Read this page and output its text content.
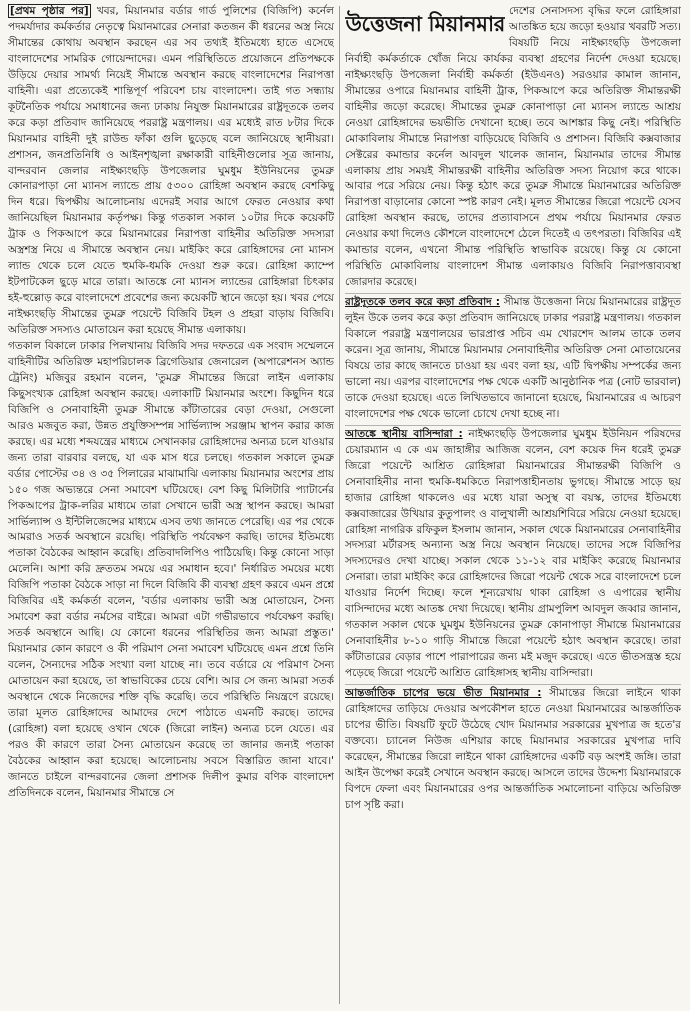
[প্রথম পৃষ্ঠার পর] খবর, মিয়ানমার বর্ডার গার্ড পুলিশের (বিজিপি) কর্নেল পদমর্যাদার কর্মকর্তার নেতৃত্বে মিয়ানমারের সেনারা কতজন কী ধরনের অস্ত্র নিয়ে সীমান্তের কোথায় অবস্থান করছেন এর সব তথ্যই ইতিমধ্যে হাতে এসেছে বাংলাদেশের সামরিক গোয়েন্দাদের। এমন পরিস্থিতিতে প্রয়োজনে প্রতিপক্ষকে উড়িয়ে দেয়ার সামর্থ্য নিয়েই সীমান্তে অবস্থান করছে বাংলাদেশের নিরাপত্তা বাহিনী। এরা প্রত্যেকেই শান্তিপূর্ণ পরিবেশ চায় বাংলাদেশ। তাই গত সন্ধ্যায় কূটনৈতিক পর্যায়ে সমাধানের জন্য ঢাকায় নিযুক্ত মিয়ানমারের রাষ্ট্রদূতকে তলব করে কড়া প্রতিবাদ জানিয়েছে পররাষ্ট্র মন্ত্রণালয়। এর মধ্যেই রাত ৮টার দিকে মিয়ানমার বাহিনী দুই রাউন্ড ফাঁকা গুলি ছুড়েছে বলে জানিয়েছে স্থানীয়রা। প্রশাসন, জনপ্রতিনিধি ও আইনশৃঙ্খলা রক্ষাকারী বাহিনীগুলোর সূত্র জানায়, বান্দরবান জেলার নাইক্ষ্যংছড়ি উপজেলার ঘুমধুম ইউনিয়নের তুমব্রু কোনারপাড়া নো ম্যানস ল্যান্ডে প্রায় ৫৩০০ রোহিঙ্গা অবস্থান করছে বেশকিছু দিন ধরে। দ্বিপক্ষীয় আলোচনায় এদেরই সবার আগে ফেরত নেওয়ার কথা জানিয়েছিল মিয়ানমার কর্তৃপক্ষ। কিন্তু গতকাল সকাল ১০টার দিকে কয়েকটি ট্রাক ও পিকআপে করে মিয়ানমারের নিরাপত্তা বাহিনীর অতিরিক্ত সদস্যরা অস্ত্রশস্ত্র নিয়ে এ সীমান্তে অবস্থান নেয়। মাইকিং করে রোহিঙ্গাদের নো ম্যানস ল্যান্ড থেকে চলে যেতে হুমকি-ধমকি দেওয়া শুরু করে। রোহিঙ্গা ক্যাম্পে ইটপাটকেল ছুড়ে মারে তারা। আতঙ্কে নো ম্যানস ল্যান্ডের রোহিঙ্গারা চিৎকার হই-হুল্লোড় করে বাংলাদেশে প্রবেশের জন্য কয়েকটি স্থানে জড়ো হয়। খবর পেয়ে নাইক্ষ্যংছড়ি সীমান্তের তুমব্রু পয়েন্টে বিজিবি টহল ও প্রহরা বাড়ায় বিজিবি। অতিরিক্ত সদস্যও মোতায়েন করা হয়েছে সীমান্ত এলাকায়।

গতকাল বিকালে ঢাকার পিলখানায় বিজিবি সদর দফতরে এক সংবাদ সম্মেলনে বাহিনীটির অতিরিক্ত মহাপরিচালক ব্রিগেডিয়ার জেনারেল (অপারেশনস অ্যান্ড ট্রেনিং) মজিবুর রহমান বলেন, 'তুমব্রু সীমান্তের জিরো লাইন এলাকায় কিছুসংখ্যক রোহিঙ্গা অবস্থান করছে। এলাকাটি মিয়ানমার অংশে। কিছুদিন ধরে বিজিপি ও সেনাবাহিনী তুমব্রু সীমান্তে কাঁটাতারের বেড়া দেওয়া, সেগুলো আরও মজবুত করা, উন্নত প্রযুক্তিসম্পন্ন সার্ভিল্যান্স সরঞ্জাম স্থাপন করার কাজ করছে। এর মধ্যে শব্দযন্ত্রের মাধ্যমে সেখানকার রোহিঙ্গাদের অন্যত্র চলে যাওয়ার জন্য তারা বারবার বলছে, যা এক মাস ধরে চলছে। গতকাল সকালে তুমব্রু বর্ডার পোস্টের ৩৪ ও ৩৫ পিলারের মাঝামাঝি এলাকায় মিয়ানমার অংশের প্রায় ১৫০ গজ অভ্যন্তরে সেনা সমাবেশ ঘটিয়েছে। বেশ কিছু মিলিটারি প্যাটার্নের পিকআপের ট্রাক-লরির মাধ্যমে তারা সেখানে ভারী অস্ত্র স্থাপন করছে। আমরা সার্ভিল্যান্স ও ইন্টিলিজেন্সের মাধ্যমে এসব তথ্য জানতে পেরেছি। এর পর থেকে আমরাও সতর্ক অবস্থানে রয়েছি। পরিস্থিতি পর্যবেক্ষণ করছি। তাদের ইতিমধ্যে পতাকা বৈঠকের আহ্বান করেছি। প্রতিবাদলিপিও পাঠিয়েছি। কিন্তু কোনো সাড়া মেলেনি। আশা করি দ্রুততম সময়ে এর সমাধান হবে।' নির্ধারিত সময়ের মধ্যে বিজিপি পতাকা বৈঠকে সাড়া না দিলে বিজিবি কী ব্যবস্থা গ্রহণ করবে এমন প্রশ্নে বিজিবির এই কর্মকর্তা বলেন, 'বর্ডার এলাকায় ভারী অস্ত্র মোতায়েন, সৈন্য সমাবেশ করা বর্ডার নর্মসের বাইরে। আমরা এটা গভীরভাবে পর্যবেক্ষণ করছি। সতর্ক অবস্থানে আছি। যে কোনো ধরনের পরিস্থিতির জন্য আমরা প্রস্তুত।' মিয়ানমার কোন কারণে ও কী পরিমাণ সেনা সমাবেশ ঘটিয়েছে এমন প্রশ্নে তিনি বলেন, সৈন্যদের সঠিক সংখ্যা বলা যাচ্ছে না। তবে বর্ডারে যে পরিমাণ সৈন্য মোতায়েন করা হয়েছে, তা স্বাভাবিকের চেয়ে বেশি। আর সে জন্য আমরা সতর্ক অবস্থানে থেকে নিজেদের শক্তি বৃদ্ধি করেছি। তবে পরিস্থিতি নিয়ন্ত্রণে রয়েছে। তারা মূলত রোহিঙ্গাদের আমাদের দেশে পাঠাতে এমনটি করছে। তাদের (রোহিঙ্গা) বলা হয়েছে ওখান থেকে (জিরো লাইন) অন্যত্র চলে যেতে। এর পরও কী কারণে তারা সৈন্য মোতায়েন করেছে তা জানার জন্যই পতাকা বৈঠকের আহ্বান করা হয়েছে। আলোচনায় সবসে বিস্তারিত জানা যাবে।' জানতে চাইলে বান্দরবানের জেলা প্রশাসক দিলীপ কুমার বণিক বাংলাদেশ প্রতিদিনকে বলেন, মিয়ানমার সীমান্তে সে

উত্তেজনা মিয়ানমার

দেশের সেনাসদস্য বৃদ্ধির ফলে রোহিঙ্গারা আতঙ্কিত হয়ে জড়ো হওয়ার খবরটি সত্য। বিষয়টি নিয়ে নাইক্ষ্যংছড়ি উপজেলা নির্বাহী কর্মকর্তাকে খোঁজ নিয়ে কার্যকর ব্যবস্থা গ্রহণের নির্দেশ দেওয়া হয়েছে। নাইক্ষ্যংছড়ি উপজেলা নির্বাহী কর্মকর্তা (ইউএনও) সরওয়ার কামাল জানান, সীমান্তের ওপারে মিয়ানমার বাহিনী ট্রাক, পিকআপে করে অতিরিক্ত সীমান্তরক্ষী বাহিনীর জড়ো করেছে। সীমান্তের তুমব্রু কোনাপাড়া নো ম্যানস ল্যান্ডে আশ্রয় নেওয়া রোহিঙ্গাদের ভয়ভীতি দেখানো হচ্ছে। তবে আশঙ্কার কিছু নেই। পরিস্থিতি মোকাবিলায় সীমান্তে নিরাপত্তা বাড়িয়েছে বিজিবি ও প্রশাসন। বিজিবি কক্সবাজার সেক্টরের কমান্ডার কর্নেল আবদুল খালেক জানান, মিয়ানমার তাদের সীমান্ত এলাকায় প্রায় সময়ই সীমান্তরক্ষী বাহিনীর অতিরিক্ত সদস্য নিয়োগ করে থাকে। আবার পরে সরিয়ে নেয়। কিন্তু হঠাৎ করে তুমব্রু সীমান্তে মিয়ানমারের অতিরিক্ত নিরাপত্তা বাড়ানোর কোনো স্পষ্ট কারণ নেই। মূলত সীমান্তের জিরো পয়েন্টে যেসব রোহিঙ্গা অবস্থান করছে, তাদের প্রত্যাবাসনে প্রথম পর্যায়ে মিয়ানমার ফেরত নেওয়ার কথা দিলেও কৌশলে বাংলাদেশে ঠেলে দিতেই এ তৎপরতা। বিজিবির এই কমান্ডার বলেন, এখনো সীমান্ত পরিস্থিতি স্বাভাবিক রয়েছে। কিন্তু যে কোনো পরিস্থিতি মোকাবিলায় বাংলাদেশ সীমান্ত এলাকায়ও বিজিবি নিরাপত্তাব্যবস্থা জোরদার করেছে।

রাষ্ট্রদূতকে তলব করে কড়া প্রতিবাদ : সীমান্ত উত্তেজনা নিয়ে মিয়ানমারের রাষ্ট্রদূত লুইন উকে তলব করে কড়া প্রতিবাদ জানিয়েছে ঢাকার পররাষ্ট্র মন্ত্রণালয়। গতকাল বিকালে পররাষ্ট্র মন্ত্রণালয়ের ভারপ্রাপ্ত সচিব এম খোরশেদ আলম তাকে তলব করেন। সূত্র জানায়, সীমান্তে মিয়ানমার সেনাবাহিনীর অতিরিক্ত সেনা মোতায়েনের বিষয়ে তার কাছে জানতে চাওয়া হয় এবং বলা হয়, এটি দ্বিপক্ষীয় সম্পর্কের জন্য ভালো নয়। এরপর বাংলাদেশের পক্ষ থেকে একটি আনুষ্ঠানিক পত্র (নোট ভারবাল) তাকে দেওয়া হয়েছে। এতে লিখিতভাবে জানানো হয়েছে, মিয়ানমারের এ আচরণ বাংলাদেশের পক্ষ থেকে ভালো চোখে দেখা হচ্ছে না।

আতঙ্কে স্থানীয় বাসিন্দারা : নাইক্ষ্যংছড়ি উপজেলার ঘুমধুম ইউনিয়ন পরিষদের চেয়ারম্যান এ কে এম জাহাঙ্গীর আজিজ বলেন, বেশ কয়েক দিন ধরেই তুমব্রু জিরো পয়েন্টে আশ্রিত রোহিঙ্গারা মিয়ানমারের সীমান্তরক্ষী বিজিপি ও সেনাবাহিনীর নানা হুমকি-ধমকিতে নিরাপত্তাহীনতায় ভুগছে। সীমান্তে সাড়ে ছয় হাজার রোহিঙ্গা থাকলেও এর মধ্যে যারা অসুস্থ বা বয়স্ক, তাদের ইতিমধ্যে কক্সবাজারের উখিয়ার কুতুপালং ও বালুখালী আশ্রয়শিবিরে সরিয়ে নেওয়া হয়েছে। রোহিঙ্গা নাগরিক রফিকুল ইসলাম জানান, সকাল থেকে মিয়ানমারের সেনাবাহিনীর সদস্যরা মর্টারসহ অন্যান্য অস্ত্র নিয়ে অবস্থান নিয়েছে। তাদের সঙ্গে বিজিপির সদস্যদেরও দেখা যাচ্ছে। সকাল থেকে ১১-১২ বার মাইকিং করেছে মিয়ানমার সেনারা। তারা মাইকিং করে রোহিঙ্গাদের জিরো পয়েন্ট থেকে সরে বাংলাদেশে চলে যাওয়ার নির্দেশ দিচ্ছে। ফলে শূন্যরেখায় থাকা রোহিঙ্গা ও এপারের স্থানীয় বাসিন্দাদের মধ্যে আতঙ্ক দেখা দিয়েছে। স্থানীয় গ্রামপুলিশ আবদুল জব্বার জানান, গতকাল সকাল থেকে ঘুমধুম ইউনিয়নের তুমব্রু কোনাপাড়া সীমান্তে মিয়ানমারের সেনাবাহিনীর ৮-১০ গাড়ি সীমান্তে জিরো পয়েন্টে হঠাৎ অবস্থান করেছে। তারা কাঁটাতারের বেড়ার পাশে পারাপারের জন্য মই মজুদ করেছে। এতে ভীতসন্ত্রস্ত হয়ে পড়েছে জিরো পয়েন্টে আশ্রিত রোহিঙ্গাসহ স্থানীয় বাসিন্দারা।

আন্তর্জাতিক চাপের ভয়ে ভীত মিয়ানমার : সীমান্তের জিরো লাইনে থাকা রোহিঙ্গাদের তাড়িয়ে দেওয়ার অপকৌশল হাতে নেওয়া মিয়ানমারের আন্তর্জাতিক চাপের ভীতি। বিষয়টি ফুটে উঠেছে খোদ মিয়ানমার সরকারের মুখপাত্র জ হতে'র বক্তব্যে। চ্যানেল নিউজ এশিয়ার কাছে মিয়ানমার সরকারের মুখপাত্র দাবি করেছেন, সীমান্তের জিরো লাইনে থাকা রোহিঙ্গাদের একটি বড় অংশই জঙ্গি। তারা আইন উপেক্ষা করেই সেখানে অবস্থান করছে। আসলে তাদের উদ্দেশ্য মিয়ানমারকে বিপদে ফেলা এবং মিয়ানমারের ওপর আন্তর্জাতিক সমালোচনা বাড়িয়ে অতিরিক্ত চাপ সৃষ্টি করা।
